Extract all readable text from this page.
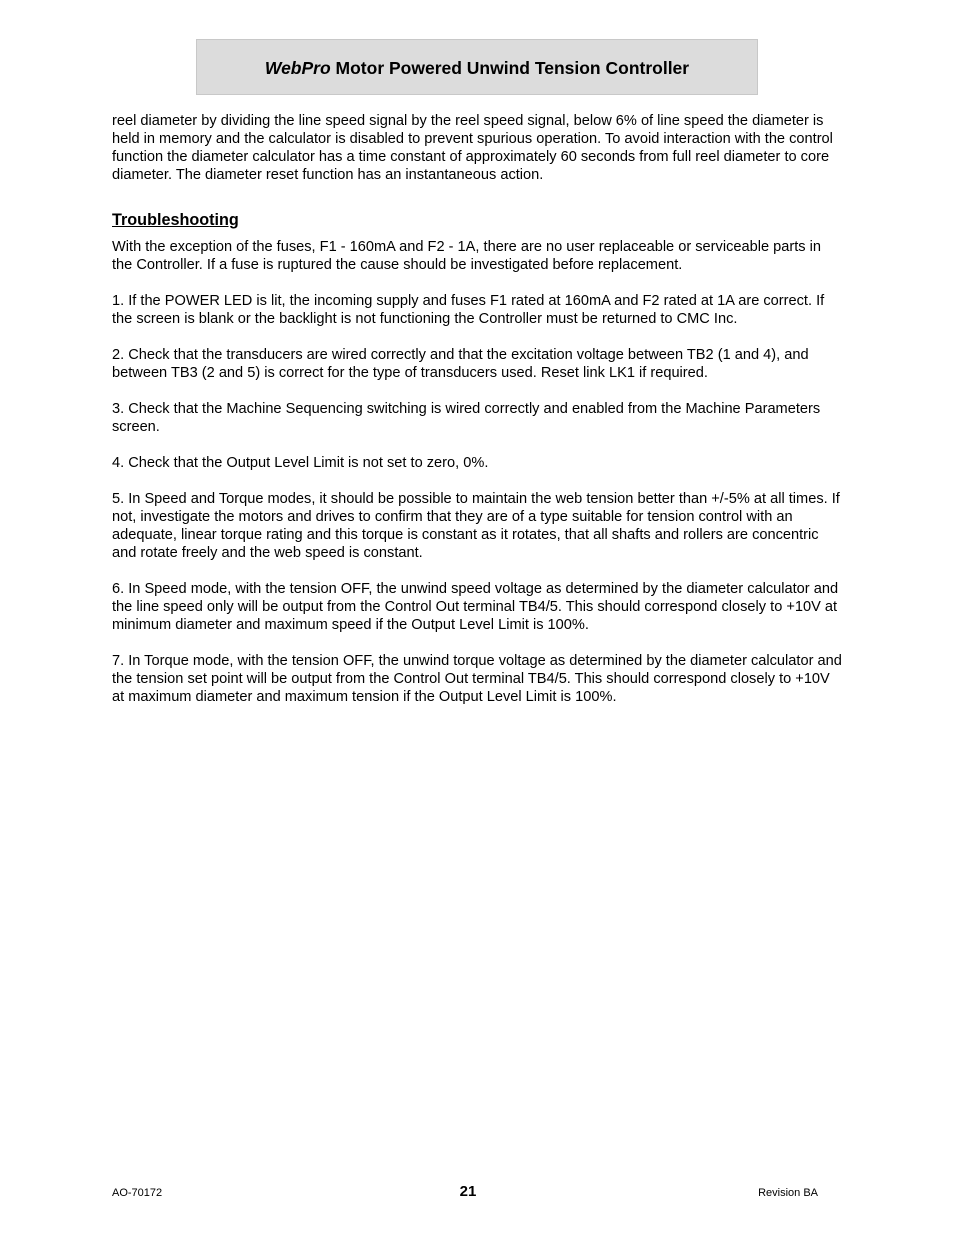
WebPro Motor Powered Unwind Tension Controller

reel diameter by dividing the line speed signal by the reel speed signal, below 6% of line speed the diameter is held in memory and the calculator is disabled to prevent spurious operation. To avoid interaction with the control function the diameter calculator has a time constant of approximately 60 seconds from full reel diameter to core diameter. The diameter reset function has an instantaneous action.

Troubleshooting

With the exception of the fuses, F1 - 160mA and F2 - 1A, there are no user replaceable or serviceable parts in the Controller. If a fuse is ruptured the cause should be investigated before replacement.

1. If the POWER LED is lit, the incoming supply and fuses F1 rated at 160mA and F2 rated at 1A are correct. If the screen is blank or the backlight is not functioning the Controller must be returned to CMC Inc.

2. Check that the transducers are wired correctly and that the excitation voltage between TB2 (1 and 4), and between TB3 (2 and 5) is correct for the type of transducers used. Reset link LK1 if required.

3. Check that the Machine Sequencing switching is wired correctly and enabled from the Machine Parameters screen.

4. Check that the Output Level Limit is not set to zero, 0%.

5. In Speed and Torque modes, it should be possible to maintain the web tension better than +/-5% at all times. If not, investigate the motors and drives to confirm that they are of a type suitable for tension control with an adequate, linear torque rating and this torque is constant as it rotates, that all shafts and rollers are concentric and rotate freely and the web speed is constant.

6. In Speed mode, with the tension OFF, the unwind speed voltage as determined by the diameter calculator and the line speed only will be output from the Control Out terminal TB4/5. This should correspond closely to +10V at minimum diameter and maximum speed if the Output Level Limit is 100%.

7. In Torque mode, with the tension OFF, the unwind torque voltage as determined by the diameter calculator and the tension set point will be output from the Control Out terminal TB4/5. This should correspond closely to +10V at maximum diameter and maximum tension if the Output Level Limit is 100%.

AO-70172	21	Revision BA
